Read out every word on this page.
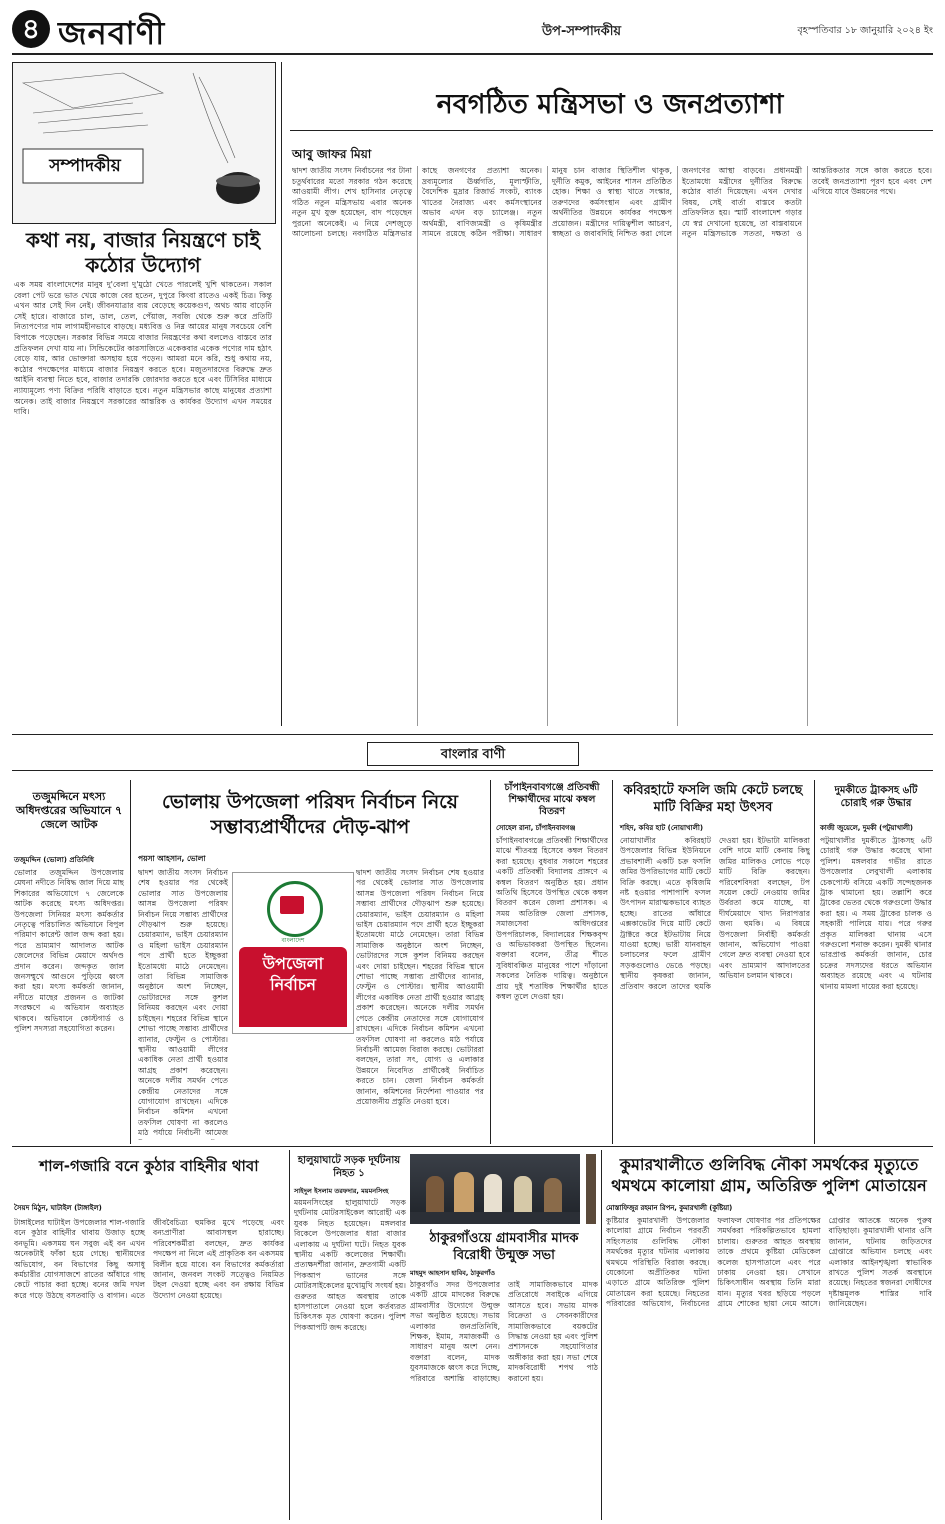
৪ জনবাণী	উপ-সম্পাদকীয়	বৃহস্পতিবার ১৮ জানুয়ারি ২০২৪ ইং
সম্পাদকীয়
কথা নয়, বাজার নিয়ন্ত্রণে চাই কঠোর উদ্যোগ
এক সময় বাংলাদেশের মানুষ দু'বেলা দু'মুঠো খেতে পারলেই খুশি থাকতেন। সকাল বেলা পেট ভরে ভাত খেয়ে কাজে বের হতেন, দুপুরে কিংবা রাতেও একই চিত্র। কিন্তু এখন আর সেই দিন নেই। জীবনযাত্রার ব্যয় বেড়েছে কয়েকগুণ, অথচ আয় বাড়েনি সেই হারে। বাজারে চাল, ডাল, তেল, পেঁয়াজ, সবজি থেকে শুরু করে প্রতিটি নিত্যপণ্যের দাম লাগামহীনভাবে বাড়ছে। মধ্যবিত্ত ও নিম্ন আয়ের মানুষ সবচেয়ে বেশি বিপাকে পড়েছেন। সরকার বিভিন্ন সময়ে বাজার নিয়ন্ত্রণের কথা বললেও বাস্তবে তার প্রতিফলন দেখা যায় না। সিন্ডিকেটের কারসাজিতে একেকবার একেক পণ্যের দাম হঠাৎ বেড়ে যায়, আর ভোক্তারা অসহায় হয়ে পড়েন। আমরা মনে করি, শুধু কথায় নয়, কঠোর পদক্ষেপের মাধ্যমে বাজার নিয়ন্ত্রণ করতে হবে। মজুতদারদের বিরুদ্ধে দ্রুত আইনি ব্যবস্থা নিতে হবে, বাজার তদারকি জোরদার করতে হবে এবং টিসিবির মাধ্যমে ন্যায্যমূল্যে পণ্য বিক্রির পরিধি বাড়াতে হবে। নতুন মন্ত্রিসভার কাছে মানুষের প্রত্যাশা অনেক। তাই বাজার নিয়ন্ত্রণে সরকারের আন্তরিক ও কার্যকর উদ্যোগ এখন সময়ের দাবি।
নবগঠিত মন্ত্রিসভা ও জনপ্রত্যাশা
আবু জাফর মিয়া
দ্বাদশ জাতীয় সংসদ নির্বাচনের পর টানা চতুর্থবারের মতো সরকার গঠন করেছে আওয়ামী লীগ। শেখ হাসিনার নেতৃত্বে গঠিত নতুন মন্ত্রিসভায় এবার অনেক নতুন মুখ যুক্ত হয়েছেন, বাদ পড়েছেন পুরনো অনেকেই। এ নিয়ে দেশজুড়ে আলোচনা চলছে। নবগঠিত মন্ত্রিসভার কাছে জনগণের প্রত্যাশা অনেক। দ্রব্যমূল্যের ঊর্ধ্বগতি, মূল্যস্ফীতি, বৈদেশিক মুদ্রার রিজার্ভ সংকট, ব্যাংক খাতের নৈরাজ্য এবং কর্মসংস্থানের অভাব এখন বড় চ্যালেঞ্জ। নতুন অর্থমন্ত্রী, বাণিজ্যমন্ত্রী ও কৃষিমন্ত্রীর সামনে রয়েছে কঠিন পরীক্ষা। সাধারণ মানুষ চান বাজার স্থিতিশীল থাকুক, দুর্নীতি কমুক, আইনের শাসন প্রতিষ্ঠিত হোক। শিক্ষা ও স্বাস্থ্য খাতে সংস্কার, তরুণদের কর্মসংস্থান এবং গ্রামীণ অর্থনীতির উন্নয়নে কার্যকর পদক্ষেপ প্রয়োজন। মন্ত্রীদের দায়িত্বশীল আচরণ, স্বচ্ছতা ও জবাবদিহি নিশ্চিত করা গেলে জনগণের আস্থা বাড়বে। প্রধানমন্ত্রী ইতোমধ্যে মন্ত্রীদের দুর্নীতির বিরুদ্ধে কঠোর বার্তা দিয়েছেন। এখন দেখার বিষয়, সেই বার্তা বাস্তবে কতটা প্রতিফলিত হয়। স্মার্ট বাংলাদেশ গড়ার যে স্বপ্ন দেখানো হয়েছে, তা বাস্তবায়নে নতুন মন্ত্রিসভাকে সততা, দক্ষতা ও আন্তরিকতার সঙ্গে কাজ করতে হবে। তবেই জনপ্রত্যাশা পূরণ হবে এবং দেশ এগিয়ে যাবে উন্নয়নের পথে।
বাংলার বাণী
তজুমদ্দিনে মৎস্য অধিদপ্তরের অভিযানে ৭ জেলে আটক
তজুমদ্দিন (ভোলা) প্রতিনিধি
ভোলার তজুমদ্দিন উপজেলায় মেঘনা নদীতে নিষিদ্ধ জাল দিয়ে মাছ শিকারের অভিযোগে ৭ জেলেকে আটক করেছে মৎস্য অধিদপ্তর। উপজেলা সিনিয়র মৎস্য কর্মকর্তার নেতৃত্বে পরিচালিত অভিযানে বিপুল পরিমাণ কারেন্ট জাল জব্দ করা হয়। পরে ভ্রাম্যমাণ আদালত আটক জেলেদের বিভিন্ন মেয়াদে অর্থদণ্ড প্রদান করেন। জব্দকৃত জাল জনসম্মুখে আগুনে পুড়িয়ে ধ্বংস করা হয়। মৎস্য কর্মকর্তা জানান, নদীতে মাছের প্রজনন ও জাটকা সংরক্ষণে এ অভিযান অব্যাহত থাকবে। অভিযানে কোস্টগার্ড ও পুলিশ সদস্যরা সহযোগিতা করেন।
ভোলায় উপজেলা পরিষদ নির্বাচন নিয়ে সম্ভাব্যপ্রার্থীদের দৌড়-ঝাপ
পয়সা আহসান, ভোলা
বাংলাদেশ
উপজেলা নির্বাচন
দ্বাদশ জাতীয় সংসদ নির্বাচন শেষ হওয়ার পর থেকেই ভোলার সাত উপজেলায় আসন্ন উপজেলা পরিষদ নির্বাচন নিয়ে সম্ভাব্য প্রার্থীদের দৌড়ঝাপ শুরু হয়েছে। চেয়ারম্যান, ভাইস চেয়ারম্যান ও মহিলা ভাইস চেয়ারম্যান পদে প্রার্থী হতে ইচ্ছুকরা ইতোমধ্যে মাঠে নেমেছেন। তারা বিভিন্ন সামাজিক অনুষ্ঠানে অংশ নিচ্ছেন, ভোটারদের সঙ্গে কুশল বিনিময় করছেন এবং দোয়া চাইছেন। শহরের বিভিন্ন স্থানে শোভা পাচ্ছে সম্ভাব্য প্রার্থীদের ব্যানার, ফেস্টুন ও পোস্টার। স্থানীয় আওয়ামী লীগের একাধিক নেতা প্রার্থী হওয়ার আগ্রহ প্রকাশ করেছেন। অনেকে দলীয় সমর্থন পেতে কেন্দ্রীয় নেতাদের সঙ্গে যোগাযোগ রাখছেন। এদিকে নির্বাচন কমিশন এখনো তফসিল ঘোষণা না করলেও মাঠ পর্যায়ে নির্বাচনী আমেজ
দ্বাদশ জাতীয় সংসদ নির্বাচন শেষ হওয়ার পর থেকেই ভোলার সাত উপজেলায় আসন্ন উপজেলা পরিষদ নির্বাচন নিয়ে সম্ভাব্য প্রার্থীদের দৌড়ঝাপ শুরু হয়েছে। চেয়ারম্যান, ভাইস চেয়ারম্যান ও মহিলা ভাইস চেয়ারম্যান পদে প্রার্থী হতে ইচ্ছুকরা ইতোমধ্যে মাঠে নেমেছেন। তারা বিভিন্ন সামাজিক অনুষ্ঠানে অংশ নিচ্ছেন, ভোটারদের সঙ্গে কুশল বিনিময় করছেন এবং দোয়া চাইছেন। শহরের বিভিন্ন স্থানে শোভা পাচ্ছে সম্ভাব্য প্রার্থীদের ব্যানার, ফেস্টুন ও পোস্টার। স্থানীয় আওয়ামী লীগের একাধিক নেতা প্রার্থী হওয়ার আগ্রহ প্রকাশ করেছেন। অনেকে দলীয় সমর্থন পেতে কেন্দ্রীয় নেতাদের সঙ্গে যোগাযোগ রাখছেন। এদিকে নির্বাচন কমিশন এখনো তফসিল ঘোষণা না করলেও মাঠ পর্যায়ে নির্বাচনী আমেজ বিরাজ করছে। ভোটাররা বলছেন, তারা সৎ, যোগ্য ও এলাকার উন্নয়নে নিবেদিত প্রার্থীকেই নির্বাচিত করতে চান। জেলা নির্বাচন কর্মকর্তা জানান, কমিশনের নির্দেশনা পাওয়ার পর প্রয়োজনীয় প্রস্তুতি নেওয়া হবে।
চাঁপাইনবাবগঞ্জে প্রতিবন্ধী শিক্ষার্থীদের মাঝে কম্বল বিতরণ
সোহেল রানা, চাঁপাইনবাবগঞ্জ
চাঁপাইনবাবগঞ্জে প্রতিবন্ধী শিক্ষার্থীদের মাঝে শীতবস্ত্র হিসেবে কম্বল বিতরণ করা হয়েছে। বুধবার সকালে শহরের একটি প্রতিবন্ধী বিদ্যালয় প্রাঙ্গণে এ কম্বল বিতরণ অনুষ্ঠিত হয়। প্রধান অতিথি হিসেবে উপস্থিত থেকে কম্বল বিতরণ করেন জেলা প্রশাসক। এ সময় অতিরিক্ত জেলা প্রশাসক, সমাজসেবা অধিদপ্তরের উপপরিচালক, বিদ্যালয়ের শিক্ষকবৃন্দ ও অভিভাবকরা উপস্থিত ছিলেন। বক্তারা বলেন, তীব্র শীতে সুবিধাবঞ্চিত মানুষের পাশে দাঁড়ানো সকলের নৈতিক দায়িত্ব। অনুষ্ঠানে প্রায় দুই শতাধিক শিক্ষার্থীর হাতে কম্বল তুলে দেওয়া হয়।
কবিরহাটে ফসলি জমি কেটে চলছে মাটি বিক্রির মহা উৎসব
শহিদ, কবির হাট (নোয়াখালী)
নোয়াখালীর কবিরহাট উপজেলার বিভিন্ন ইউনিয়নে প্রভাবশালী একটি চক্র ফসলি জমির উপরিভাগের মাটি কেটে বিক্রি করছে। এতে কৃষিজমি নষ্ট হওয়ার পাশাপাশি ফসল উৎপাদন মারাত্মকভাবে ব্যাহত হচ্ছে। রাতের আঁধারে এক্সকাভেটর দিয়ে মাটি কেটে ট্রাক্টরে করে ইটভাটায় নিয়ে যাওয়া হচ্ছে। ভারী যানবাহন চলাচলের ফলে গ্রামীণ সড়কগুলোও ভেঙে পড়ছে। স্থানীয় কৃষকরা জানান, প্রতিবাদ করলে তাদের হুমকি দেওয়া হয়। ইটভাটা মালিকরা বেশি দামে মাটি কেনায় কিছু জমির মালিকও লোভে পড়ে মাটি বিক্রি করছেন। পরিবেশবিদরা বলছেন, টপ সয়েল কেটে নেওয়ায় জমির উর্বরতা কমে যাচ্ছে, যা দীর্ঘমেয়াদে খাদ্য নিরাপত্তার জন্য হুমকি। এ বিষয়ে উপজেলা নির্বাহী কর্মকর্তা জানান, অভিযোগ পাওয়া গেলে দ্রুত ব্যবস্থা নেওয়া হবে এবং ভ্রাম্যমাণ আদালতের অভিযান চলমান থাকবে।
দুমকীতে ট্রাকসহ ৬টি চোরাই গরু উদ্ধার
কাজী জুয়েলে, দুমকী (পটুয়াখালী)
পটুয়াখালীর দুমকীতে ট্রাকসহ ৬টি চোরাই গরু উদ্ধার করেছে থানা পুলিশ। মঙ্গলবার গভীর রাতে উপজেলার লেবুখালী এলাকায় চেকপোস্ট বসিয়ে একটি সন্দেহজনক ট্রাক থামানো হয়। তল্লাশি করে ট্রাকের ভেতর থেকে গরুগুলো উদ্ধার করা হয়। এ সময় ট্রাকের চালক ও সহকারী পালিয়ে যায়। পরে গরুর প্রকৃত মালিকরা থানায় এসে গরুগুলো শনাক্ত করেন। দুমকী থানার ভারপ্রাপ্ত কর্মকর্তা জানান, চোর চক্রের সদস্যদের ধরতে অভিযান অব্যাহত রয়েছে এবং এ ঘটনায় থানায় মামলা দায়ের করা হয়েছে।
শাল-গজারি বনে কুঠার বাহিনীর থাবা
সৈয়দ মিঠুন, ঘাটাইল (টাঙ্গাইল)
টাঙ্গাইলের ঘাটাইল উপজেলার শাল-গজারি বনে কুঠার বাহিনীর থাবায় উজাড় হচ্ছে বনভূমি। একসময় ঘন সবুজ এই বন এখন অনেকটাই ফাঁকা হয়ে গেছে। স্থানীয়দের অভিযোগ, বন বিভাগের কিছু অসাধু কর্মচারীর যোগসাজশে রাতের আঁধারে গাছ কেটে পাচার করা হচ্ছে। বনের জমি দখল করে গড়ে উঠছে বসতবাড়ি ও বাগান। এতে জীববৈচিত্র্য হুমকির মুখে পড়েছে এবং বন্যপ্রাণীরা আবাসস্থল হারাচ্ছে। পরিবেশকর্মীরা বলছেন, দ্রুত কার্যকর পদক্ষেপ না নিলে এই প্রাকৃতিক বন একসময় বিলীন হয়ে যাবে। বন বিভাগের কর্মকর্তারা জানান, জনবল সংকট সত্ত্বেও নিয়মিত টহল দেওয়া হচ্ছে এবং বন রক্ষায় বিভিন্ন উদ্যোগ নেওয়া হয়েছে।
হালুয়াঘাটে সড়ক দূর্ঘটনায় নিহত ১
সাইদুল ইসলাম তরফদার, ময়মনসিংহ
ময়মনসিংহের হালুয়াঘাটে সড়ক দুর্ঘটনায় মোটরসাইকেল আরোহী এক যুবক নিহত হয়েছেন। মঙ্গলবার বিকেলে উপজেলার ধারা বাজার এলাকায় এ দুর্ঘটনা ঘটে। নিহত যুবক স্থানীয় একটি কলেজের শিক্ষার্থী। প্রত্যক্ষদর্শীরা জানান, দ্রুতগামী একটি পিকআপ ভ্যানের সঙ্গে মোটরসাইকেলের মুখোমুখি সংঘর্ষ হয়। গুরুতর আহত অবস্থায় তাকে হাসপাতালে নেওয়া হলে কর্তব্যরত চিকিৎসক মৃত ঘোষণা করেন। পুলিশ পিকআপটি জব্দ করেছে।
ঠাকুরগাঁওয়ে গ্রামবাসীর মাদক বিরোধী উন্মুক্ত সভা
মাহমুদ আহসান হাবিব, ঠাকুরগাঁও
ঠাকুরগাঁও সদর উপজেলার একটি গ্রামে মাদকের বিরুদ্ধে গ্রামবাসীর উদ্যোগে উন্মুক্ত সভা অনুষ্ঠিত হয়েছে। সভায় এলাকার জনপ্রতিনিধি, শিক্ষক, ইমাম, সমাজকর্মী ও সাধারণ মানুষ অংশ নেন। বক্তারা বলেন, মাদক যুবসমাজকে ধ্বংস করে দিচ্ছে, পরিবারে অশান্তি বাড়াচ্ছে। তাই সামাজিকভাবে মাদক প্রতিরোধে সবাইকে এগিয়ে আসতে হবে। সভায় মাদক বিক্রেতা ও সেবনকারীদের সামাজিকভাবে বয়কটের সিদ্ধান্ত নেওয়া হয় এবং পুলিশ প্রশাসনকে সহযোগিতার অঙ্গীকার করা হয়। সভা শেষে মাদকবিরোধী শপথ পাঠ করানো হয়।
কুমারখালীতে গুলিবিদ্ধ নৌকা সমর্থকের মৃত্যুতে থমথমে কালোয়া গ্রাম, অতিরিক্ত পুলিশ মোতায়েন
মোস্তাফিজুর রহমান রিপন, কুমারখালী (কুষ্টিয়া)
কুষ্টিয়ার কুমারখালী উপজেলার কালোয়া গ্রামে নির্বাচন পরবর্তী সহিংসতায় গুলিবিদ্ধ নৌকা সমর্থকের মৃত্যুর ঘটনায় এলাকায় থমথমে পরিস্থিতি বিরাজ করছে। যেকোনো অপ্রীতিকর ঘটনা এড়াতে গ্রামে অতিরিক্ত পুলিশ মোতায়েন করা হয়েছে। নিহতের পরিবারের অভিযোগ, নির্বাচনের ফলাফল ঘোষণার পর প্রতিপক্ষের সমর্থকরা পরিকল্পিতভাবে হামলা চালায়। গুরুতর আহত অবস্থায় তাকে প্রথমে কুষ্টিয়া মেডিকেল কলেজ হাসপাতালে এবং পরে ঢাকায় নেওয়া হয়। সেখানে চিকিৎসাধীন অবস্থায় তিনি মারা যান। মৃত্যুর খবর ছড়িয়ে পড়লে গ্রামে শোকের ছায়া নেমে আসে। গ্রেপ্তার আতঙ্কে অনেক পুরুষ বাড়িছাড়া। কুমারখালী থানার ওসি জানান, ঘটনায় জড়িতদের গ্রেপ্তারে অভিযান চলছে এবং এলাকার আইনশৃঙ্খলা স্বাভাবিক রাখতে পুলিশ সতর্ক অবস্থানে রয়েছে। নিহতের স্বজনরা দোষীদের দৃষ্টান্তমূলক শাস্তির দাবি জানিয়েছেন।
